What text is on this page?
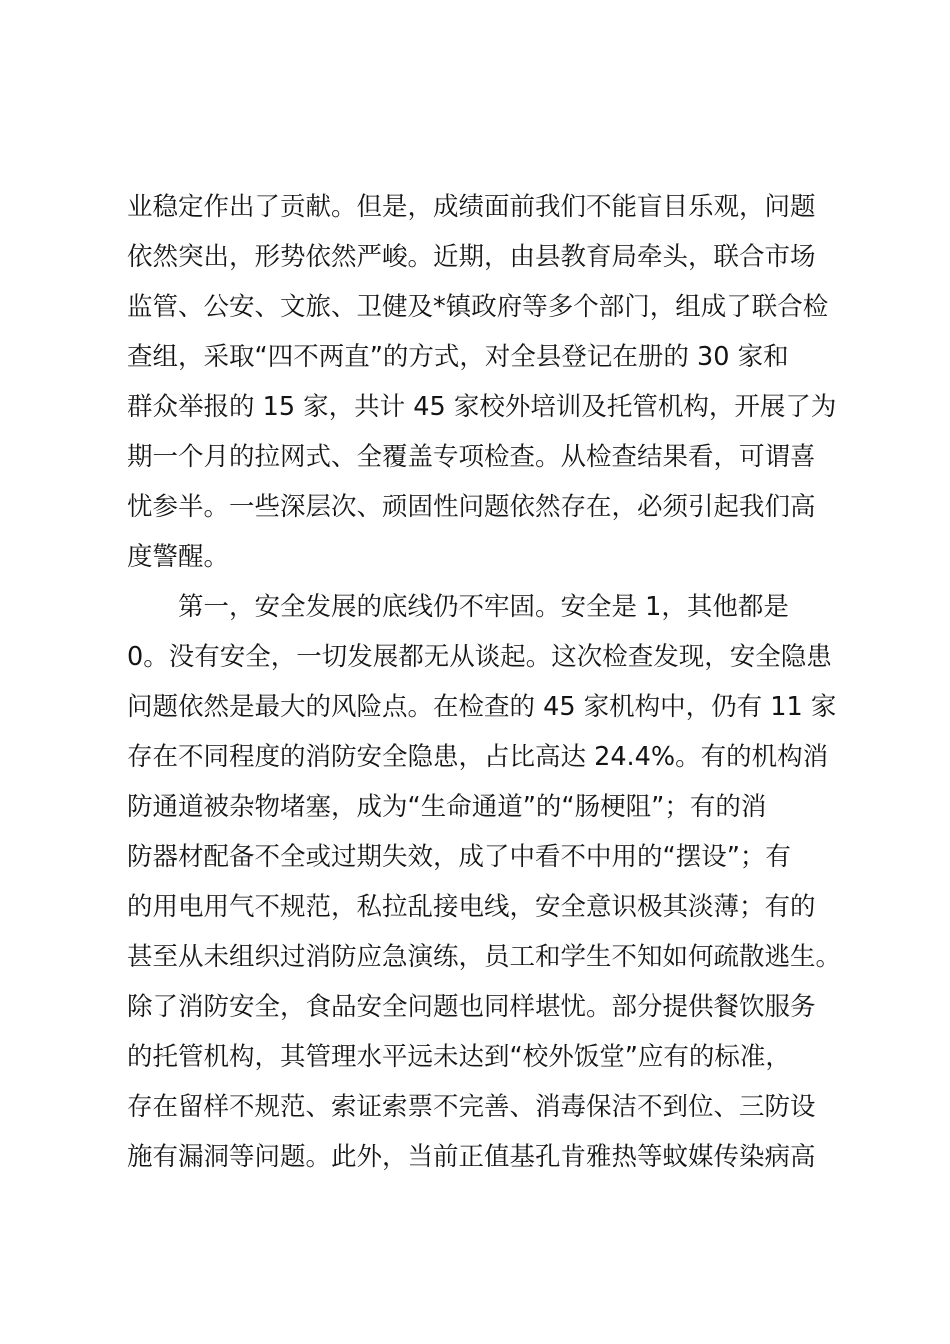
业稳定作出了贡献。但是，成绩面前我们不能盲目乐观，问题
依然突出，形势依然严峻。近期，由县教育局牵头，联合市场
监管、公安、文旅、卫健及*镇政府等多个部门，组成了联合检
查组，采取“四不两直”的方式，对全县登记在册的 30 家和
群众举报的 15 家，共计 45 家校外培训及托管机构，开展了为
期一个月的拉网式、全覆盖专项检查。从检查结果看，可谓喜
忧参半。一些深层次、顽固性问题依然存在，必须引起我们高
度警醒。
　　第一，安全发展的底线仍不牢固。安全是 1，其他都是
0。没有安全，一切发展都无从谈起。这次检查发现，安全隐患
问题依然是最大的风险点。在检查的 45 家机构中，仍有 11 家
存在不同程度的消防安全隐患，占比高达 24.4%。有的机构消
防通道被杂物堵塞，成为“生命通道”的“肠梗阻”；有的消
防器材配备不全或过期失效，成了中看不中用的“摆设”；有
的用电用气不规范，私拉乱接电线，安全意识极其淡薄；有的
甚至从未组织过消防应急演练，员工和学生不知如何疏散逃生。
除了消防安全，食品安全问题也同样堪忧。部分提供餐饮服务
的托管机构，其管理水平远未达到“校外饭堂”应有的标准，
存在留样不规范、索证索票不完善、消毒保洁不到位、三防设
施有漏洞等问题。此外，当前正值基孔肯雅热等蚊媒传染病高
